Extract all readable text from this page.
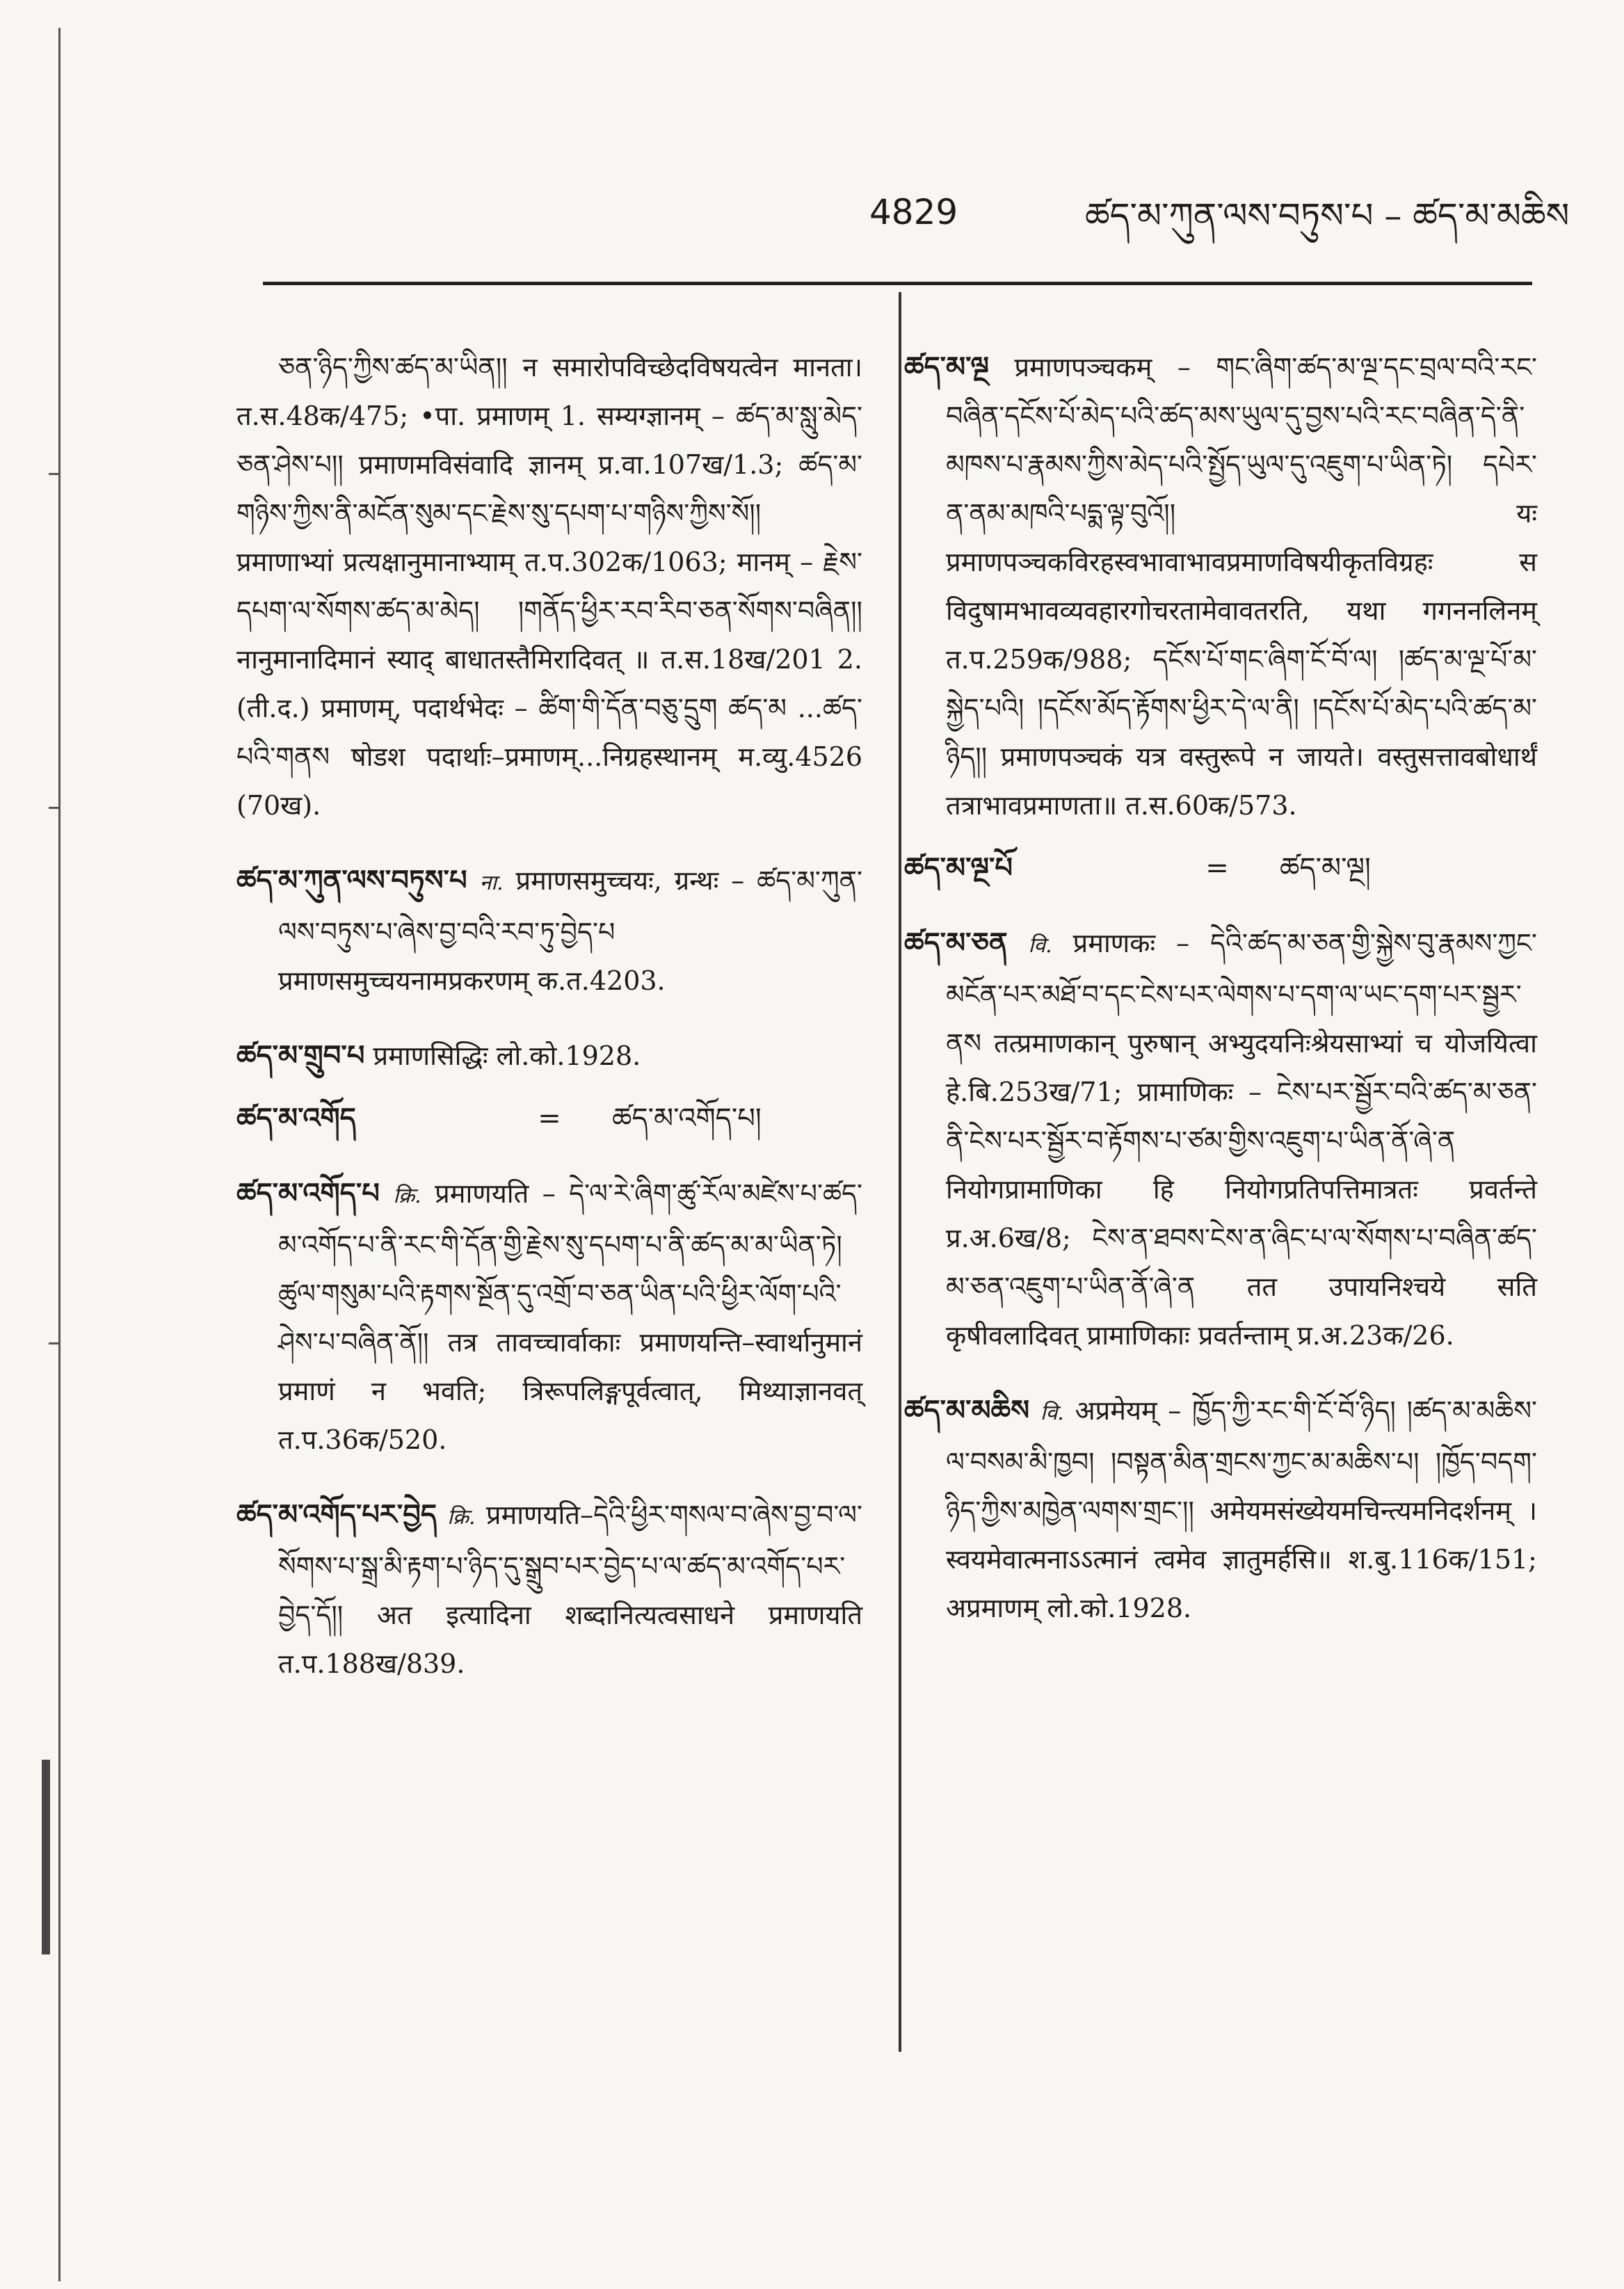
4829	ཚད་མ་ཀུན་ལས་བཏུས་པ – ཚད་མ་མཆིས

ཅན་ཉིད་ཀྱིས་ཚད་མ་ཡིན།། न समारोपविच्छेदविषयत्वेन मानता। त.स.48क/475; •पा. प्रमाणम् 1. सम्यग्ज्ञानम् – ཚད་མ་སླུ་མེད་ཅན་ཤེས་པ།། प्रमाणमविसंवादि ज्ञानम् प्र.वा.107ख/1.3; ཚད་མ་གཉིས་ཀྱིས་ནི་མངོན་སུམ་དང་རྗེས་སུ་དཔག་པ་གཉིས་ཀྱིས་སོ།། प्रमाणाभ्यां प्रत्यक्षानुमानाभ्याम् त.प.302क/1063; मानम् – རྗེས་དཔག་ལ་སོགས་ཚད་མ་མེད། །གནོད་ཕྱིར་རབ་རིབ་ཅན་སོགས་བཞིན།། नानुमानादिमानं स्याद् बाधातस्तैमिरादिवत् ॥ त.स.18ख/201 2. (ती.द.) प्रमाणम्, पदार्थभेदः – ཚིག་གི་དོན་བཅུ་དྲུག ཚད་མ ...ཚད་པའི་གནས षोडश पदार्थाः–प्रमाणम्...निग्रहस्थानम् म.व्यु.4526 (70ख).

ཚད་མ་ཀུན་ལས་བཏུས་པ ना. प्रमाणसमुच्चयः, ग्रन्थः – ཚད་མ་ཀུན་ལས་བཏུས་པ་ཞེས་བྱ་བའི་རབ་ཏུ་བྱེད་པ प्रमाणसमुच्चयनामप्रकरणम् क.त.4203.

ཚད་མ་གྲུབ་པ प्रमाणसिद्धिः लो.को.1928.

ཚད་མ་འགོད	=	ཚད་མ་འགོད་པ།

ཚད་མ་འགོད་པ क्रि. प्रमाणयति – དེ་ལ་རེ་ཞིག་ཚུ་རོལ་མཛེས་པ་ཚད་མ་འགོད་པ་ནི་རང་གི་དོན་གྱི་རྗེས་སུ་དཔག་པ་ནི་ཚད་མ་མ་ཡིན་ཏེ། ཚུལ་གསུམ་པའི་རྟགས་སྔོན་དུ་འགྲོ་བ་ཅན་ཡིན་པའི་ཕྱིར་ལོག་པའི་ཤེས་པ་བཞིན་ནོ།། तत्र तावच्चार्वाकाः प्रमाणयन्ति–स्वार्थानुमानं प्रमाणं न भवति; त्रिरूपलिङ्गपूर्वत्वात्, मिथ्याज्ञानवत् त.प.36क/520.

ཚད་མ་འགོད་པར་བྱེད क्रि. प्रमाणयति–དེའི་ཕྱིར་གསལ་བ་ཞེས་བྱ་བ་ལ་སོགས་པ་སྒྲ་མི་རྟག་པ་ཉིད་དུ་སྒྲུབ་པར་བྱེད་པ་ལ་ཚད་མ་འགོད་པར་བྱེད་དོ།། अत इत्यादिना शब्दानित्यत्वसाधने प्रमाणयति त.प.188ख/839.

ཚད་མ་ལྔ प्रमाणपञ्चकम् – གང་ཞིག་ཚད་མ་ལྔ་དང་བྲལ་བའི་རང་བཞིན་དངོས་པོ་མེད་པའི་ཚད་མས་ཡུལ་དུ་བྱས་པའི་རང་བཞིན་དེ་ནི་མཁས་པ་རྣམས་ཀྱིས་མེད་པའི་སྤྱོད་ཡུལ་དུ་འཇུག་པ་ཡིན་ཏེ། དཔེར་ན་ནམ་མཁའི་པདྨ་ལྟ་བུའོ།། यः प्रमाणपञ्चकविरहस्वभावाभावप्रमाणविषयीकृतविग्रहः स विदुषामभावव्यवहारगोचरतामेवावतरति, यथा गगननलिनम् त.प.259क/988; དངོས་པོ་གང་ཞིག་ངོ་བོ་ལ། །ཚད་མ་ལྔ་པོ་མ་སྐྱེད་པའི། །དངོས་མོད་རྟོགས་ཕྱིར་དེ་ལ་ནི། །དངོས་པོ་མེད་པའི་ཚད་མ་ཉིད།། प्रमाणपञ्चकं यत्र वस्तुरूपे न जायते। वस्तुसत्तावबोधार्थं तत्राभावप्रमाणता॥ त.स.60क/573.

ཚད་མ་ལྔ་པོ	=	ཚད་མ་ལྔ།

ཚད་མ་ཅན वि. प्रमाणकः – དེའི་ཚད་མ་ཅན་གྱི་སྐྱེས་བུ་རྣམས་ཀྱང་མངོན་པར་མཐོ་བ་དང་ངེས་པར་ལེགས་པ་དག་ལ་ཡང་དག་པར་སྦྱར་ནས तत्प्रमाणकान् पुरुषान् अभ्युदयनिःश्रेयसाभ्यां च योजयित्वा हे.बि.253ख/71; प्रामाणिकः – ངེས་པར་སྦྱོར་བའི་ཚད་མ་ཅན་ནི་ངེས་པར་སྦྱོར་བ་རྟོགས་པ་ཙམ་གྱིས་འཇུག་པ་ཡིན་ནོ་ཞེ་ན नियोगप्रामाणिका हि नियोगप्रतिपत्तिमात्रतः प्रवर्तन्ते प्र.अ.6ख/8; ངེས་ན་ཐབས་ངེས་ན་ཞིང་པ་ལ་སོགས་པ་བཞིན་ཚད་མ་ཅན་འཇུག་པ་ཡིན་ནོ་ཞེ་ན तत उपायनिश्चये सति कृषीवलादिवत् प्रामाणिकाः प्रवर्तन्ताम् प्र.अ.23क/26.

ཚད་མ་མཆིས वि. अप्रमेयम् – ཁྱོད་ཀྱི་རང་གི་ངོ་བོ་ཉིད། །ཚད་མ་མཆིས་ལ་བསམ་མི་ཁྱབ། །བསྟན་མིན་གྲངས་ཀྱང་མ་མཆིས་པ། །ཁྱོད་བདག་ཉིད་ཀྱིས་མཁྱེན་ལགས་གྲང་།། अमेयमसंख्येयमचिन्त्यमनिदर्शनम् । स्वयमेवात्मनाऽऽत्मानं त्वमेव ज्ञातुमर्हसि॥ श.बु.116क/151; अप्रमाणम् लो.को.1928.
